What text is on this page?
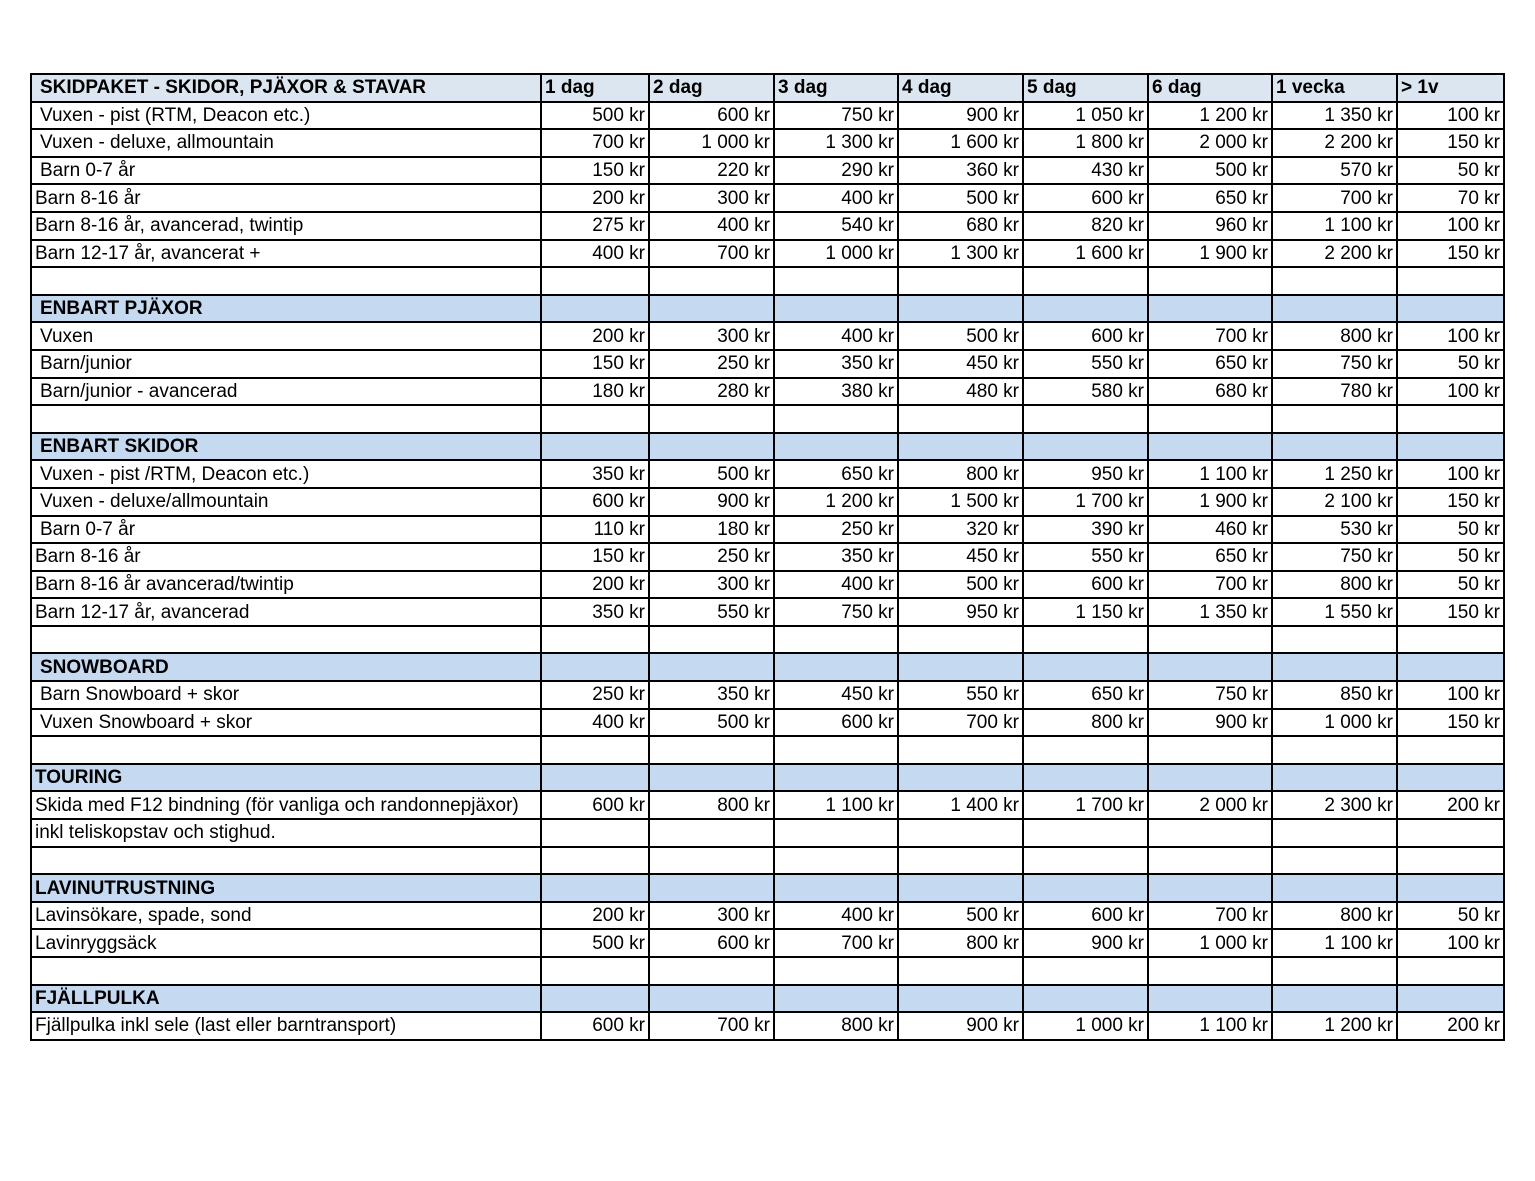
SKIDPAKET - SKIDOR, PJÄXOR & STAVAR	1 dag	2 dag	3 dag	4 dag	5 dag	6 dag	1 vecka	> 1v
Vuxen - pist (RTM, Deacon etc.)	500 kr	600 kr	750 kr	900 kr	1 050 kr	1 200 kr	1 350 kr	100 kr
Vuxen - deluxe, allmountain	700 kr	1 000 kr	1 300 kr	1 600 kr	1 800 kr	2 000 kr	2 200 kr	150 kr
Barn 0-7 år	150 kr	220 kr	290 kr	360 kr	430 kr	500 kr	570 kr	50 kr
Barn 8-16 år	200 kr	300 kr	400 kr	500 kr	600 kr	650 kr	700 kr	70 kr
Barn 8-16 år, avancerad, twintip	275 kr	400 kr	540 kr	680 kr	820 kr	960 kr	1 100 kr	100 kr
Barn 12-17 år, avancerat +	400 kr	700 kr	1 000 kr	1 300 kr	1 600 kr	1 900 kr	2 200 kr	150 kr

ENBART PJÄXOR								
Vuxen	200 kr	300 kr	400 kr	500 kr	600 kr	700 kr	800 kr	100 kr
Barn/junior	150 kr	250 kr	350 kr	450 kr	550 kr	650 kr	750 kr	50 kr
Barn/junior - avancerad	180 kr	280 kr	380 kr	480 kr	580 kr	680 kr	780 kr	100 kr

ENBART SKIDOR								
Vuxen - pist /RTM, Deacon etc.)	350 kr	500 kr	650 kr	800 kr	950 kr	1 100 kr	1 250 kr	100 kr
Vuxen - deluxe/allmountain	600 kr	900 kr	1 200 kr	1 500 kr	1 700 kr	1 900 kr	2 100 kr	150 kr
Barn 0-7 år	110 kr	180 kr	250 kr	320 kr	390 kr	460 kr	530 kr	50 kr
Barn 8-16 år	150 kr	250 kr	350 kr	450 kr	550 kr	650 kr	750 kr	50 kr
Barn 8-16 år avancerad/twintip	200 kr	300 kr	400 kr	500 kr	600 kr	700 kr	800 kr	50 kr
Barn 12-17 år, avancerad	350 kr	550 kr	750 kr	950 kr	1 150 kr	1 350 kr	1 550 kr	150 kr

SNOWBOARD								
Barn Snowboard + skor	250 kr	350 kr	450 kr	550 kr	650 kr	750 kr	850 kr	100 kr
Vuxen Snowboard + skor	400 kr	500 kr	600 kr	700 kr	800 kr	900 kr	1 000 kr	150 kr

TOURING								
Skida med F12 bindning (för vanliga och randonnepjäxor)	600 kr	800 kr	1 100 kr	1 400 kr	1 700 kr	2 000 kr	2 300 kr	200 kr
inkl teliskopstav och stighud.								

LAVINUTRUSTNING								
Lavinsökare, spade, sond	200 kr	300 kr	400 kr	500 kr	600 kr	700 kr	800 kr	50 kr
Lavinryggsäck	500 kr	600 kr	700 kr	800 kr	900 kr	1 000 kr	1 100 kr	100 kr

FJÄLLPULKA								
Fjällpulka inkl sele (last eller barntransport)	600 kr	700 kr	800 kr	900 kr	1 000 kr	1 100 kr	1 200 kr	200 kr
